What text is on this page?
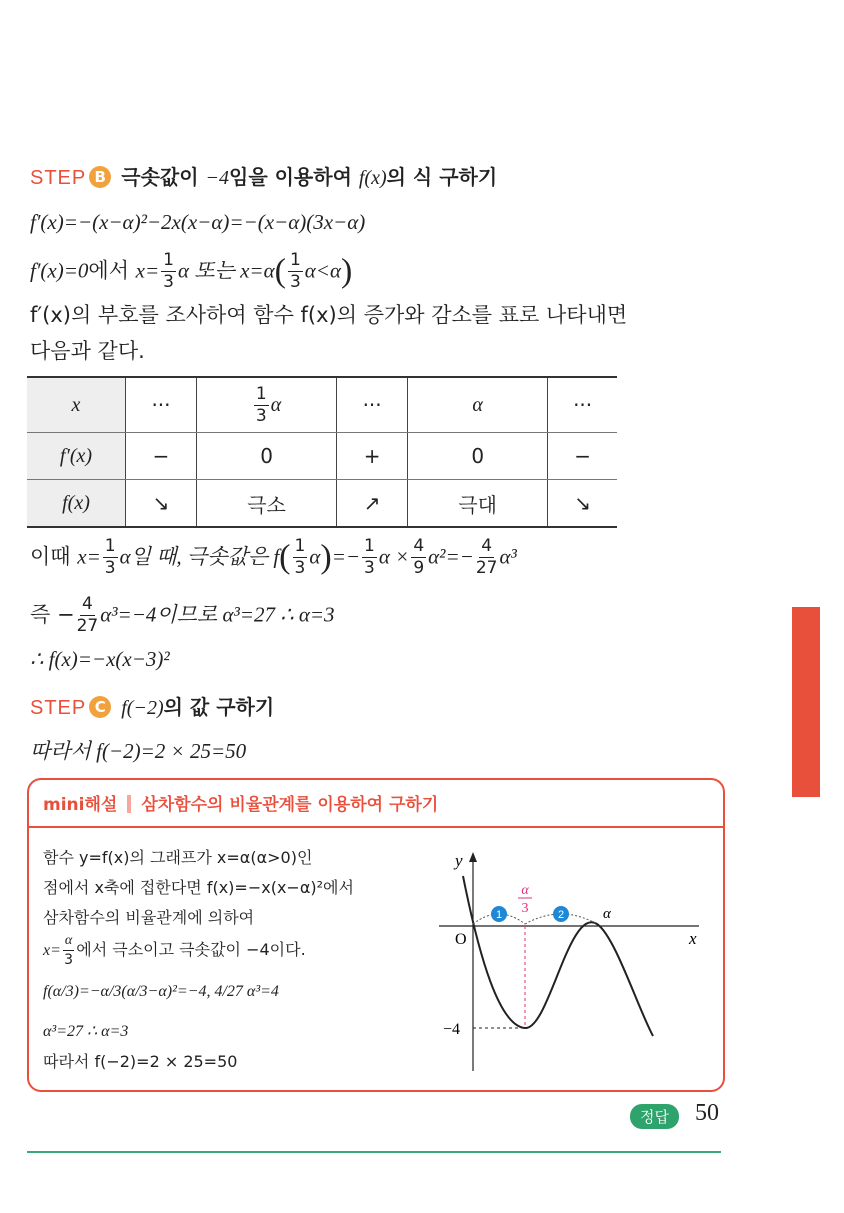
STEP B 극솟값이 −4임을 이용하여 f(x)의 식 구하기
f′(x)=−(x−α)²−2x(x−α)=−(x−α)(3x−α)
f′(x)=0에서 $x= \frac{1}{3}$ α 또는 $x=\alpha( \frac{1}{3} \alpha<\alpha)$
f′(x)의 부호를 조사하여 함수 f(x)의 증가와 감소를 표로 나타내면
다음과 같다.
x	···	$\frac{1}{3}$ α	···	α	···
f′(x)	−	0	+	0	−
f(x)	↘	극소	↗	극대	↘
이때 $x= \frac{1}{3}$ α일 때, 극솟값은 $f( \frac{1}{3} \alpha)=- \frac{1}{3}$ $\alpha \times \frac{4}{9} \alpha^2=- \frac{4}{27} \alpha^3$
즉 − $\frac{4}{27} \alpha^3=-4$이므로 α³=27 ∴ α=3
∴ f(x)=−x(x−3)²
STEP C f(−2)의 값 구하기
따라서 f(−2)=2 × 25=50
mini해설 삼차함수의 비율관계를 이용하여 구하기
함수 y=f(x)의 그래프가 x=α(α>0)인
점에서 x축에 접한다면 f(x)=−x(x−α)²에서
삼차함수의 비율관계에 의하여
$x= \frac{\alpha}{3}$ 에서 극소이고 극솟값이 −4이다.
f(α/3)=−α/3(α/3−α)²=−4, 4/27 α³=4
α³=27 ∴ α=3
따라서 f(−2)=2 × 25=50
1	2
α
3	α
y
x
O
−4
정답	50
